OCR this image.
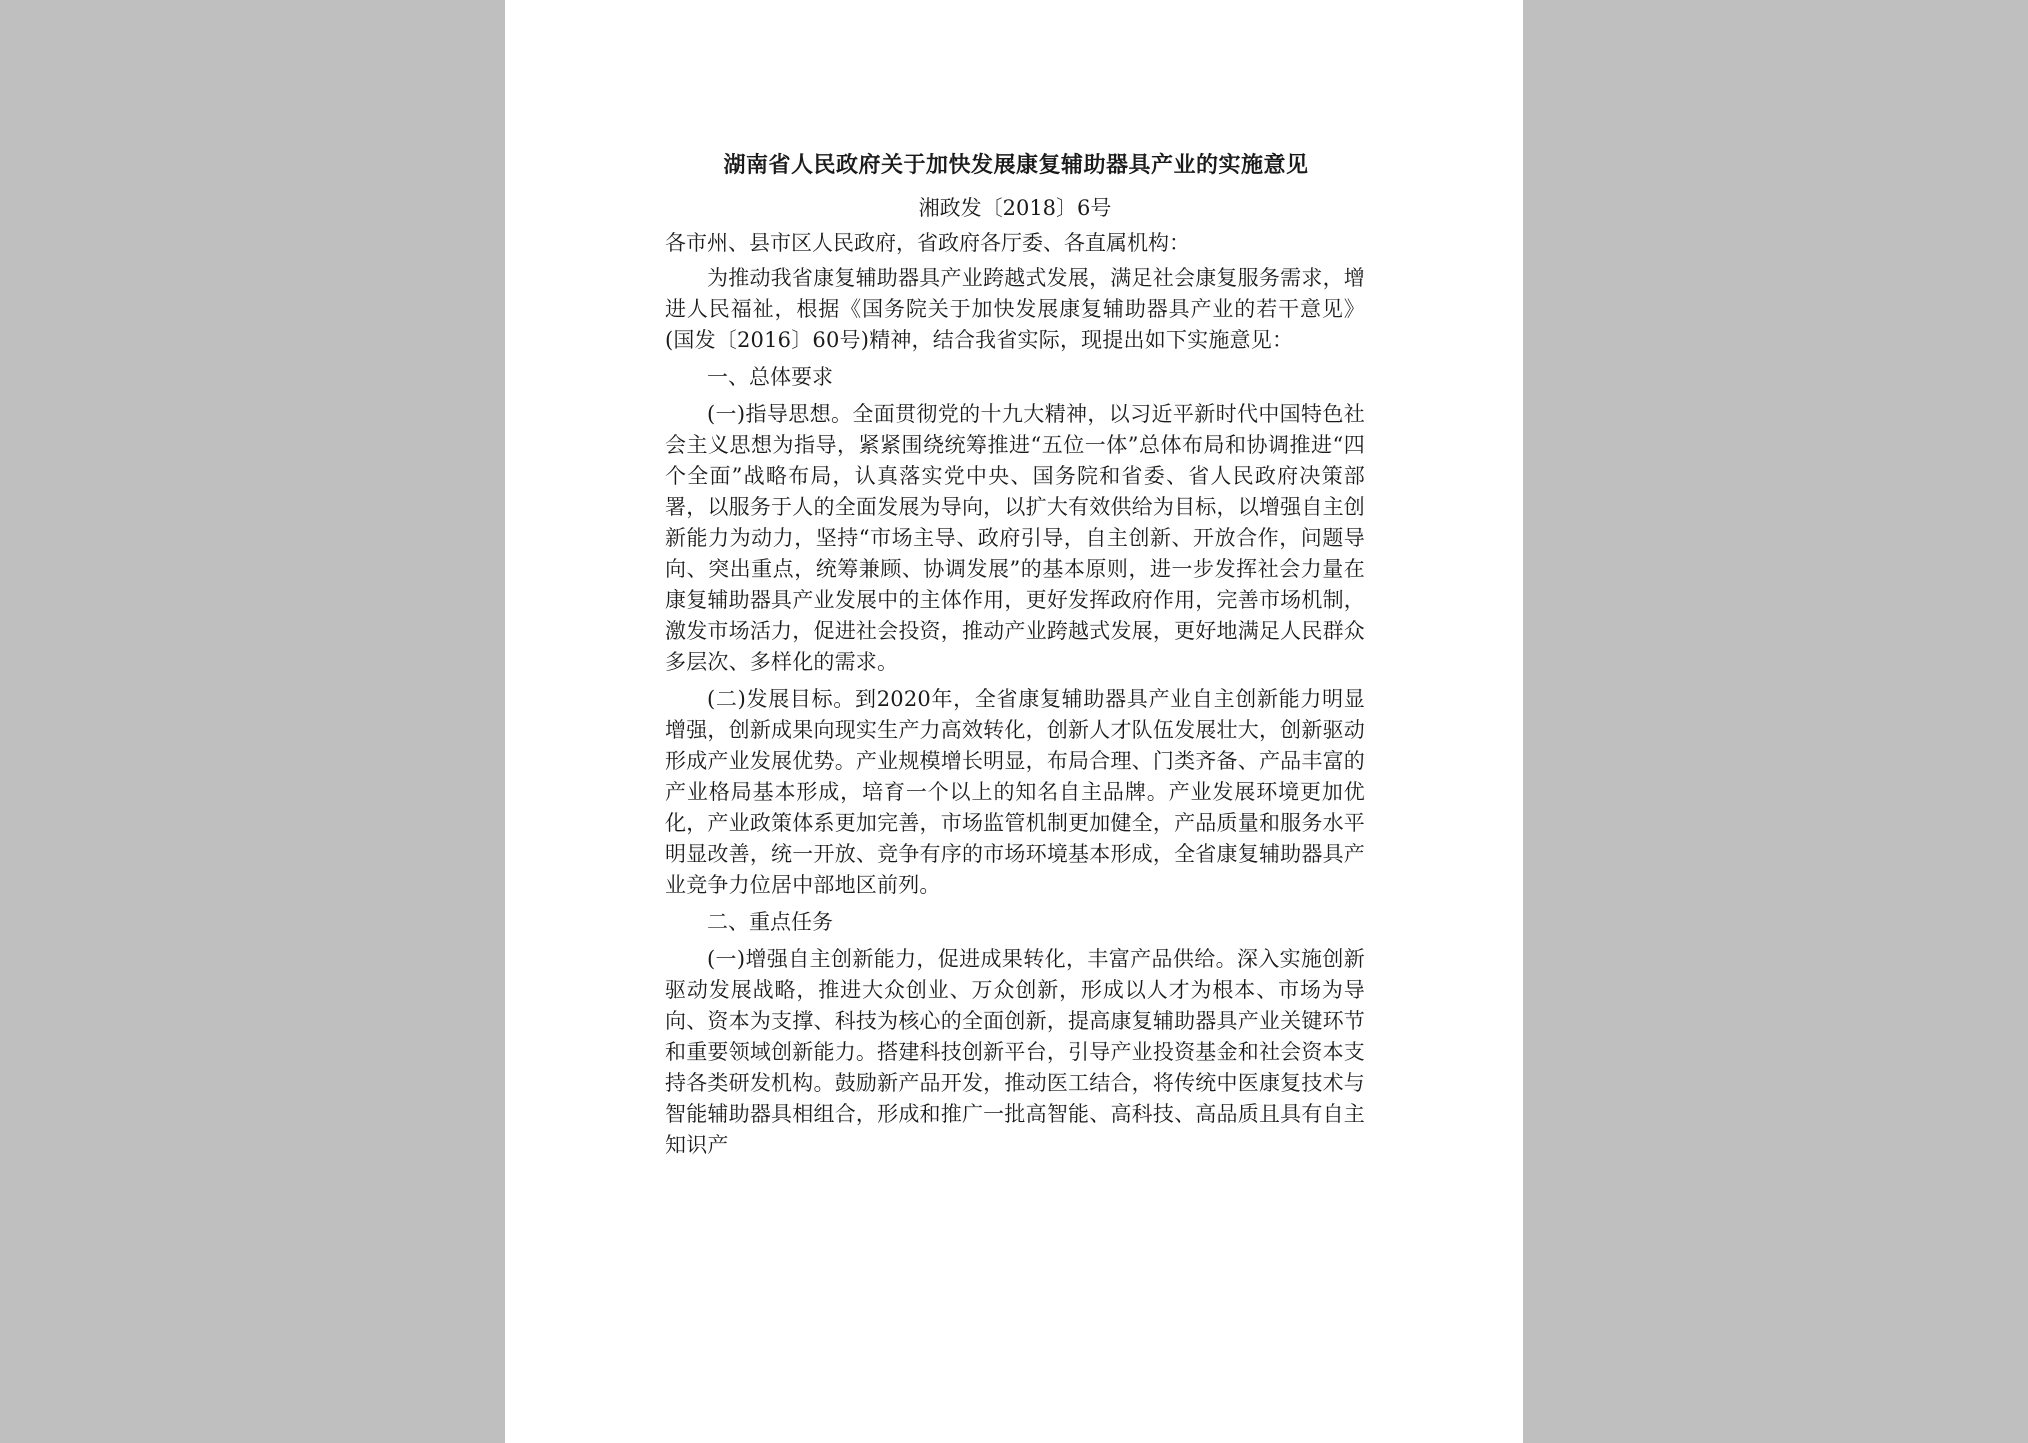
湖南省人民政府关于加快发展康复辅助器具产业的实施意见

湘政发〔2018〕6号

各市州、县市区人民政府，省政府各厅委、各直属机构：

为推动我省康复辅助器具产业跨越式发展，满足社会康复服务需求，增进人民福祉，根据《国务院关于加快发展康复辅助器具产业的若干意见》(国发〔2016〕60号)精神，结合我省实际，现提出如下实施意见：

一、总体要求

(一)指导思想。全面贯彻党的十九大精神，以习近平新时代中国特色社会主义思想为指导，紧紧围绕统筹推进“五位一体”总体布局和协调推进“四个全面”战略布局，认真落实党中央、国务院和省委、省人民政府决策部署，以服务于人的全面发展为导向，以扩大有效供给为目标，以增强自主创新能力为动力，坚持“市场主导、政府引导，自主创新、开放合作，问题导向、突出重点，统筹兼顾、协调发展”的基本原则，进一步发挥社会力量在康复辅助器具产业发展中的主体作用，更好发挥政府作用，完善市场机制，激发市场活力，促进社会投资，推动产业跨越式发展，更好地满足人民群众多层次、多样化的需求。

(二)发展目标。到2020年，全省康复辅助器具产业自主创新能力明显增强，创新成果向现实生产力高效转化，创新人才队伍发展壮大，创新驱动形成产业发展优势。产业规模增长明显，布局合理、门类齐备、产品丰富的产业格局基本形成，培育一个以上的知名自主品牌。产业发展环境更加优化，产业政策体系更加完善，市场监管机制更加健全，产品质量和服务水平明显改善，统一开放、竞争有序的市场环境基本形成，全省康复辅助器具产业竞争力位居中部地区前列。

二、重点任务

(一)增强自主创新能力，促进成果转化，丰富产品供给。深入实施创新驱动发展战略，推进大众创业、万众创新，形成以人才为根本、市场为导向、资本为支撑、科技为核心的全面创新，提高康复辅助器具产业关键环节和重要领域创新能力。搭建科技创新平台，引导产业投资基金和社会资本支持各类研发机构。鼓励新产品开发，推动医工结合，将传统中医康复技术与智能辅助器具相组合，形成和推广一批高智能、高科技、高品质且具有自主知识产
